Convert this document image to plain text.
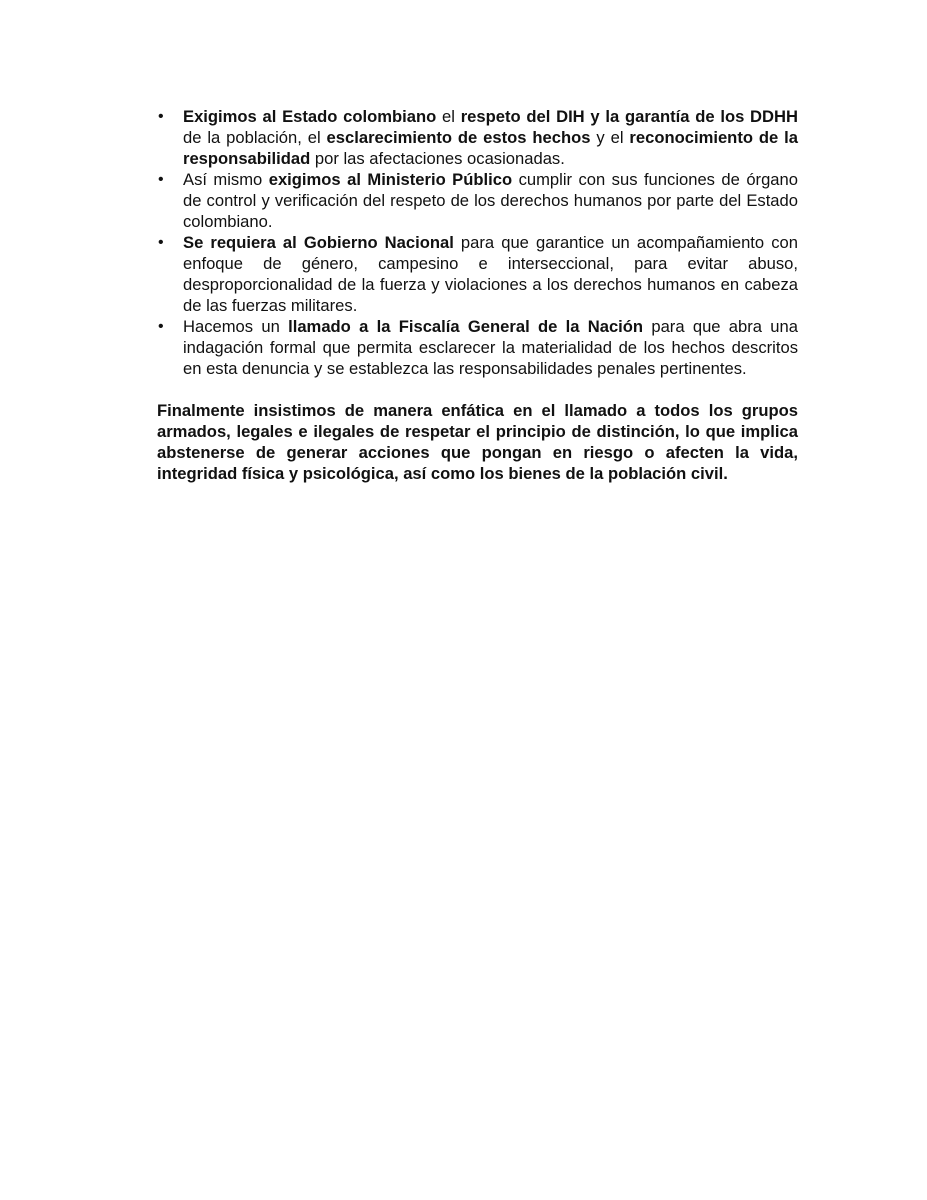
• Exigimos al Estado colombiano el respeto del DIH y la garantía de los DDHH de la población, el esclarecimiento de estos hechos y el reconocimiento de la responsabilidad por las afectaciones ocasionadas.
• Así mismo exigimos al Ministerio Público cumplir con sus funciones de órgano de control y verificación del respeto de los derechos humanos por parte del Estado colombiano.
• Se requiera al Gobierno Nacional para que garantice un acompañamiento con enfoque de género, campesino e interseccional, para evitar abuso, desproporcionalidad de la fuerza y violaciones a los derechos humanos en cabeza de las fuerzas militares.
• Hacemos un llamado a la Fiscalía General de la Nación para que abra una indagación formal que permita esclarecer la materialidad de los hechos descritos en esta denuncia y se establezca las responsabilidades penales pertinentes.

Finalmente insistimos de manera enfática en el llamado a todos los grupos armados, legales e ilegales de respetar el principio de distinción, lo que implica abstenerse de generar acciones que pongan en riesgo o afecten la vida, integridad física y psicológica, así como los bienes de la población civil.
